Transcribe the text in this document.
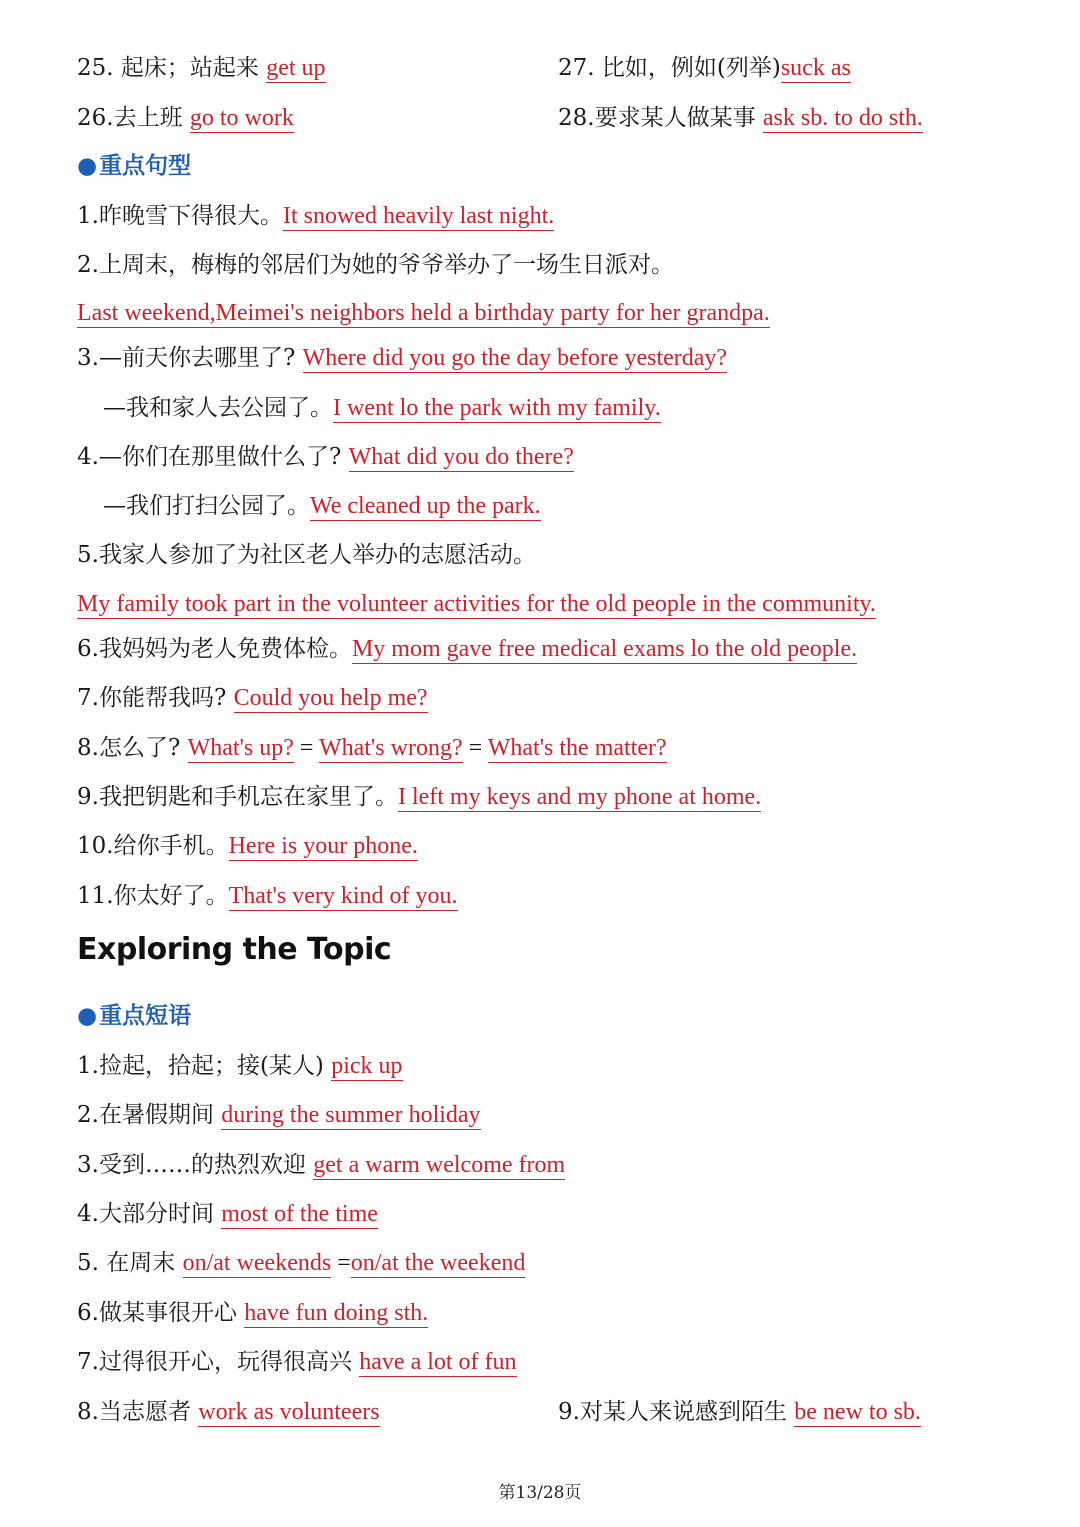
25. 起床；站起来 get up	27. 比如，例如(列举)suck as
26.去上班 go to work	28.要求某人做某事 ask sb. to do sth.
●重点句型
1.昨晚雪下得很大。It snowed heavily last night.
2.上周末，梅梅的邻居们为她的爷爷举办了一场生日派对。
Last weekend,Meimei's neighbors held a birthday party for her grandpa.
3.—前天你去哪里了? Where did you go the day before yesterday?
—我和家人去公园了。I went lo the park with my family.
4.—你们在那里做什么了? What did you do there?
—我们打扫公园了。We cleaned up the park.
5.我家人参加了为社区老人举办的志愿活动。
My family took part in the volunteer activities for the old people in the community.
6.我妈妈为老人免费体检。My mom gave free medical exams lo the old people.
7.你能帮我吗? Could you help me?
8.怎么了? What's up? = What's wrong? = What's the matter?
9.我把钥匙和手机忘在家里了。I left my keys and my phone at home.
10.给你手机。Here is your phone.
11.你太好了。That's very kind of you.
Exploring the Topic
●重点短语
1.捡起，拾起；接(某人) pick up
2.在暑假期间 during the summer holiday
3.受到……的热烈欢迎 get a warm welcome from
4.大部分时间 most of the time
5. 在周末 on/at weekends =on/at the weekend
6.做某事很开心 have fun doing sth.
7.过得很开心，玩得很高兴 have a lot of fun
8.当志愿者 work as volunteers	9.对某人来说感到陌生 be new to sb.
第13/28页
